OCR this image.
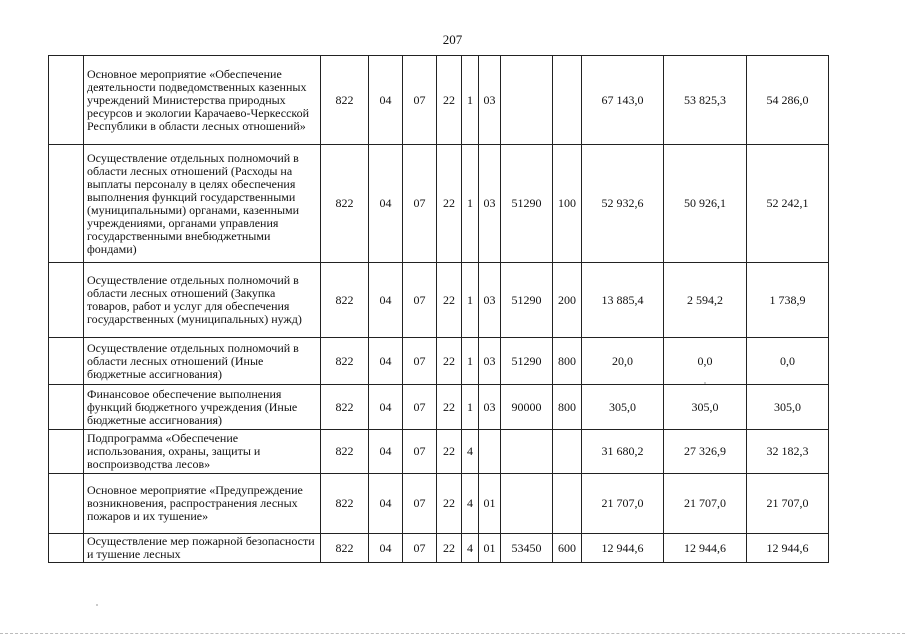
207
	Основное мероприятие «Обеспечение деятельности подведомственных казенных учреждений Министерства природных ресурсов и экологии Карачаево-Черкесской Республики в области лесных отношений»	822	04	07	22	1	03			67 143,0	53 825,3	54 286,0
	Осуществление отдельных полномочий в области лесных отношений (Расходы на выплаты персоналу в целях обеспечения выполнения функций государственными (муниципальными) органами, казенными учреждениями, органами управления государственными внебюджетными фондами)	822	04	07	22	1	03	51290	100	52 932,6	50 926,1	52 242,1
	Осуществление отдельных полномочий в области лесных отношений (Закупка товаров, работ и услуг для обеспечения государственных (муниципальных) нужд)	822	04	07	22	1	03	51290	200	13 885,4	2 594,2	1 738,9
	Осуществление отдельных полномочий в области лесных отношений (Иные бюджетные ассигнования)	822	04	07	22	1	03	51290	800	20,0	0,0	0,0
	Финансовое обеспечение выполнения функций бюджетного учреждения (Иные бюджетные ассигнования)	822	04	07	22	1	03	90000	800	305,0	305,0	305,0
	Подпрограмма «Обеспечение использования, охраны, защиты и воспроизводства лесов»	822	04	07	22	4				31 680,2	27 326,9	32 182,3
	Основное мероприятие «Предупреждение возникновения, распространения лесных пожаров и их тушение»	822	04	07	22	4	01			21 707,0	21 707,0	21 707,0
	Осуществление мер пожарной безопасности и тушение лесных	822	04	07	22	4	01	53450	600	12 944,6	12 944,6	12 944,6
